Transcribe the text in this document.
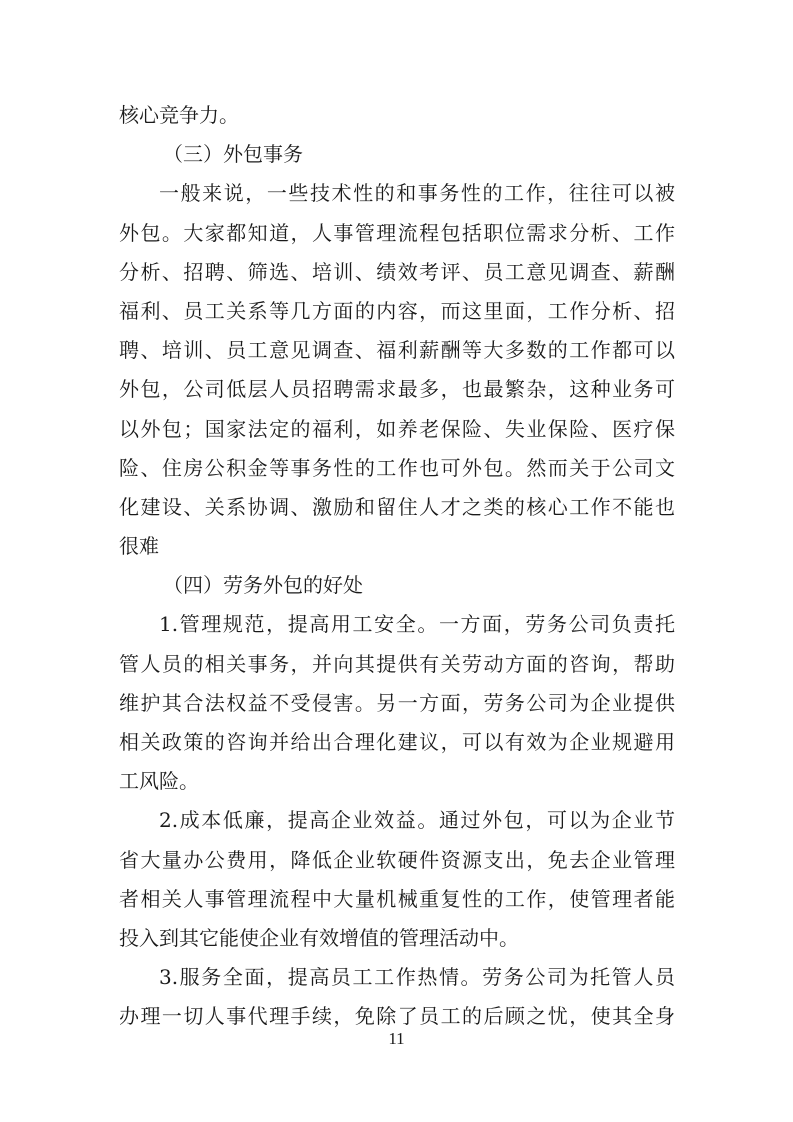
核心竞争力。
（三）外包事务
一般来说，一些技术性的和事务性的工作，往往可以被
外包。大家都知道，人事管理流程包括职位需求分析、工作
分析、招聘、筛选、培训、绩效考评、员工意见调查、薪酬
福利、员工关系等几方面的内容，而这里面，工作分析、招
聘、培训、员工意见调查、福利薪酬等大多数的工作都可以
外包，公司低层人员招聘需求最多，也最繁杂，这种业务可
以外包；国家法定的福利，如养老保险、失业保险、医疗保
险、住房公积金等事务性的工作也可外包。然而关于公司文
化建设、关系协调、激励和留住人才之类的核心工作不能也
很难
（四）劳务外包的好处
1.管理规范，提高用工安全。一方面，劳务公司负责托
管人员的相关事务，并向其提供有关劳动方面的咨询，帮助
维护其合法权益不受侵害。另一方面，劳务公司为企业提供
相关政策的咨询并给出合理化建议，可以有效为企业规避用
工风险。
2.成本低廉，提高企业效益。通过外包，可以为企业节
省大量办公费用，降低企业软硬件资源支出，免去企业管理
者相关人事管理流程中大量机械重复性的工作，使管理者能
投入到其它能使企业有效增值的管理活动中。
3.服务全面，提高员工工作热情。劳务公司为托管人员
办理一切人事代理手续，免除了员工的后顾之忧，使其全身
11
